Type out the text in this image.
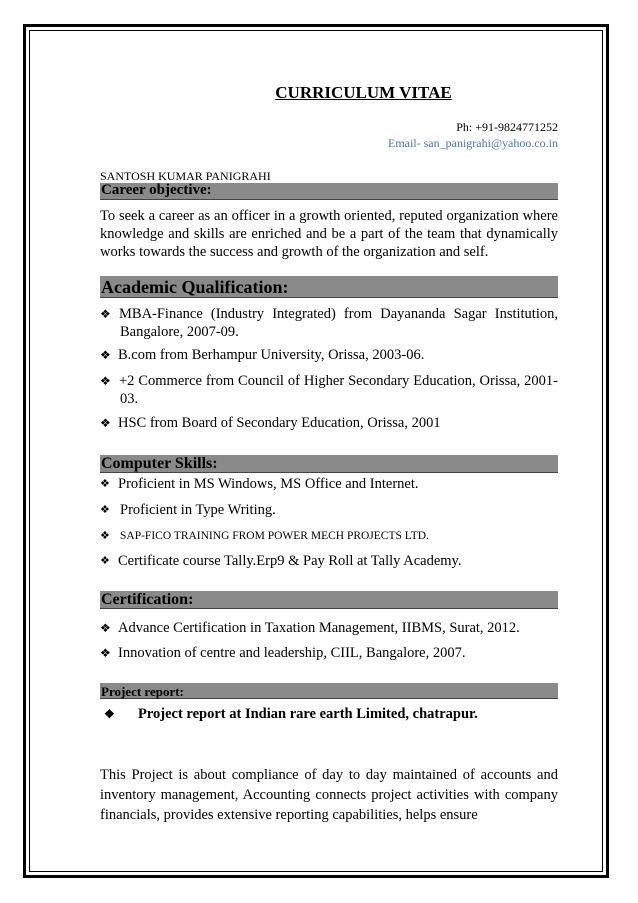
CURRICULUM VITAE
Ph: +91-9824771252
Email- san_panigrahi@yahoo.co.in
SANTOSH KUMAR PANIGRAHI
Career objective:
To seek a career as an officer in a growth oriented, reputed organization where knowledge and skills are enriched and be a part of the team that dynamically works towards the success and growth of the organization and self.
Academic Qualification:
❖ MBA-Finance (Industry Integrated) from Dayananda Sagar Institution, Bangalore, 2007-09.
❖ B.com from Berhampur University, Orissa, 2003-06.
❖ +2 Commerce from Council of Higher Secondary Education, Orissa, 2001-03.
❖ HSC from Board of Secondary Education, Orissa, 2001
Computer Skills:
❖ Proficient in MS Windows, MS Office and Internet.
❖ Proficient in Type Writing.
❖ SAP-FICO TRAINING FROM POWER MECH PROJECTS LTD.
❖ Certificate course Tally.Erp9 & Pay Roll at Tally Academy.
Certification:
❖ Advance Certification in Taxation Management, IIBMS, Surat, 2012.
❖ Innovation of centre and leadership, CIIL, Bangalore, 2007.
Project report:
❖	Project report at Indian rare earth Limited, chatrapur.
This Project is about compliance of day to day maintained of accounts and inventory management, Accounting connects project activities with company financials, provides extensive reporting capabilities, helps ensure
